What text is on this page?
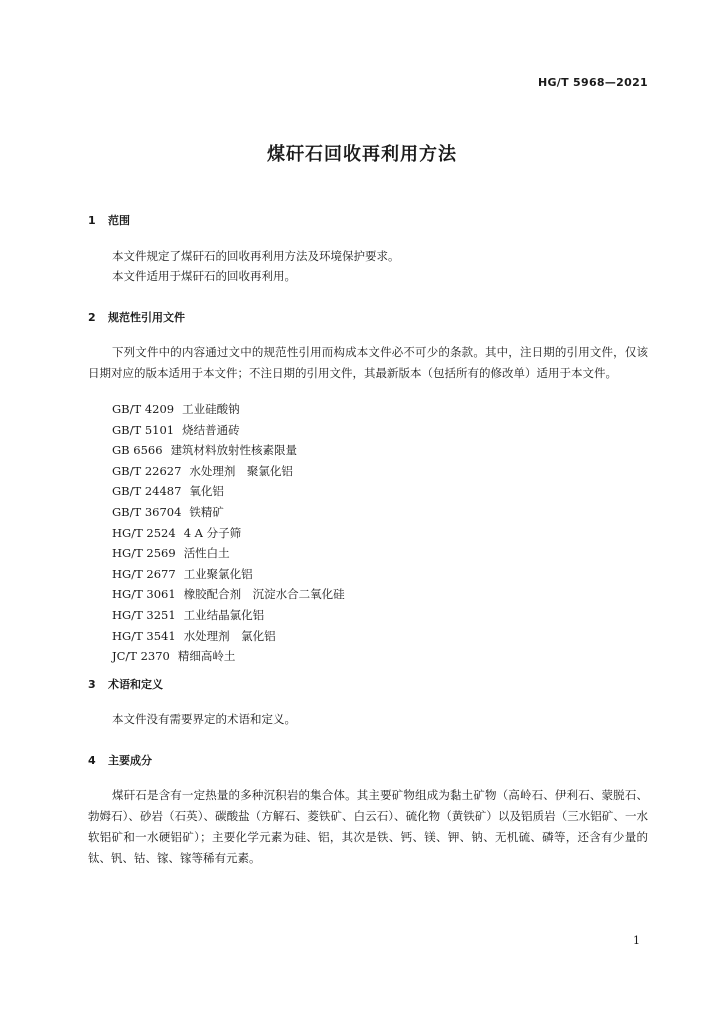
HG/T 5968—2021
煤矸石回收再利用方法
1 范围
本文件规定了煤矸石的回收再利用方法及环境保护要求。
本文件适用于煤矸石的回收再利用。
2 规范性引用文件
下列文件中的内容通过文中的规范性引用而构成本文件必不可少的条款。其中，注日期的引用文件，仅该日期对应的版本适用于本文件；不注日期的引用文件，其最新版本（包括所有的修改单）适用于本文件。
GB/T 4209 工业硅酸钠
GB/T 5101 烧结普通砖
GB 6566 建筑材料放射性核素限量
GB/T 22627 水处理剂　聚氯化铝
GB/T 24487 氧化铝
GB/T 36704 铁精矿
HG/T 2524 4 A 分子筛
HG/T 2569 活性白土
HG/T 2677 工业聚氯化铝
HG/T 3061 橡胶配合剂　沉淀水合二氧化硅
HG/T 3251 工业结晶氯化铝
HG/T 3541 水处理剂　氯化铝
JC/T 2370 精细高岭土
3 术语和定义
本文件没有需要界定的术语和定义。
4 主要成分
煤矸石是含有一定热量的多种沉积岩的集合体。其主要矿物组成为黏土矿物（高岭石、伊利石、蒙脱石、勃姆石）、砂岩（石英）、碳酸盐（方解石、菱铁矿、白云石）、硫化物（黄铁矿）以及铝质岩（三水铝矿、一水软铝矿和一水硬铝矿）；主要化学元素为硅、铝，其次是铁、钙、镁、钾、钠、无机硫、磷等，还含有少量的钛、钒、钴、镓、镓等稀有元素。
1
